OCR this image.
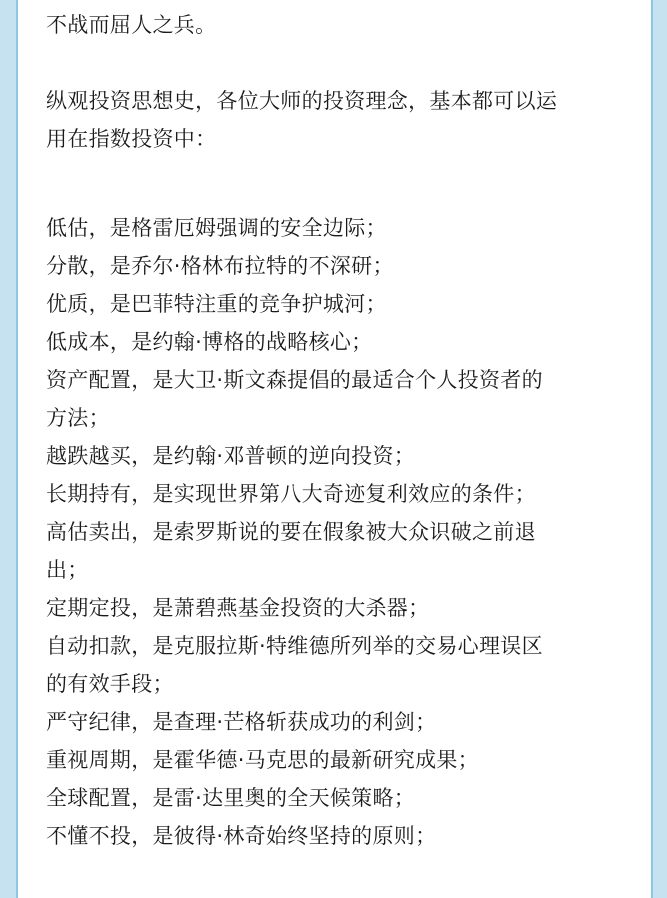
不战而屈人之兵。
纵观投资思想史，各位大师的投资理念，基本都可以运
用在指数投资中：
低估，是格雷厄姆强调的安全边际；
分散，是乔尔·格林布拉特的不深研；
优质，是巴菲特注重的竞争护城河；
低成本，是约翰·博格的战略核心；
资产配置，是大卫·斯文森提倡的最适合个人投资者的
方法；
越跌越买，是约翰·邓普顿的逆向投资；
长期持有，是实现世界第八大奇迹复利效应的条件；
高估卖出，是索罗斯说的要在假象被大众识破之前退
出；
定期定投，是萧碧燕基金投资的大杀器；
自动扣款，是克服拉斯·特维德所列举的交易心理误区
的有效手段；
严守纪律，是查理·芒格斩获成功的利剑；
重视周期，是霍华德·马克思的最新研究成果；
全球配置，是雷·达里奥的全天候策略；
不懂不投，是彼得·林奇始终坚持的原则；
